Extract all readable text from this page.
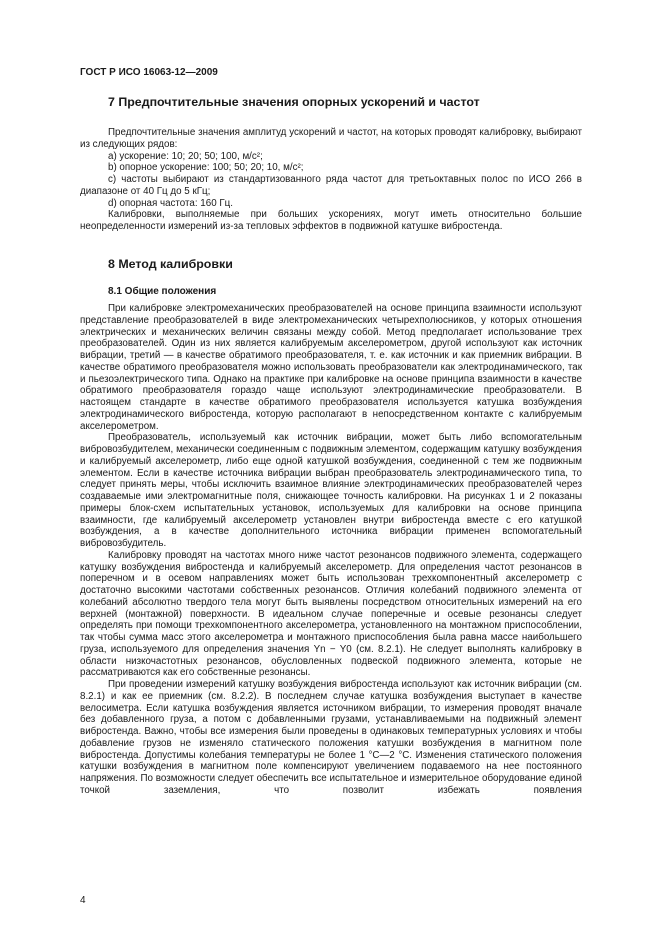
ГОСТ Р ИСО 16063-12—2009
7 Предпочтительные значения опорных ускорений и частот

Предпочтительные значения амплитуд ускорений и частот, на которых проводят калибровку, выбирают из следующих рядов:

a) ускорение: 10; 20; 50; 100, м/с²;

b) опорное ускорение: 100; 50; 20; 10, м/с²;

c) частоты выбирают из стандартизованного ряда частот для третьоктавных полос по ИСО 266 в диапазоне от 40 Гц до 5 кГц;

d) опорная частота: 160 Гц.

Калибровки, выполняемые при больших ускорениях, могут иметь относительно большие неопределенности измерений из-за тепловых эффектов в подвижной катушке вибростенда.

8 Метод калибровки
8.1 Общие положения

При калибровке электромеханических преобразователей на основе принципа взаимности используют представление преобразователей в виде электромеханических четырехполюсников, у которых отношения электрических и механических величин связаны между собой. Метод предполагает использование трех преобразователей. Один из них является калибруемым акселерометром, другой используют как источник вибрации, третий — в качестве обратимого преобразователя, т. е. как источник и как приемник вибрации. В качестве обратимого преобразователя можно использовать преобразователи как электродинамического, так и пьезоэлектрического типа. Однако на практике при калибровке на основе принципа взаимности в качестве обратимого преобразователя гораздо чаще используют электродинамические преобразователи. В настоящем стандарте в качестве обратимого преобразователя используется катушка возбуждения электродинамического вибростенда, которую располагают в непосредственном контакте с калибруемым акселерометром.

Преобразователь, используемый как источник вибрации, может быть либо вспомогательным вибровозбудителем, механически соединенным с подвижным элементом, содержащим катушку возбуждения и калибруемый акселерометр, либо еще одной катушкой возбуждения, соединенной с тем же подвижным элементом. Если в качестве источника вибрации выбран преобразователь электродинамического типа, то следует принять меры, чтобы исключить взаимное влияние электродинамических преобразователей через создаваемые ими электромагнитные поля, снижающее точность калибровки. На рисунках 1 и 2 показаны примеры блок-схем испытательных установок, используемых для калибровки на основе принципа взаимности, где калибруемый акселерометр установлен внутри вибростенда вместе с его катушкой возбуждения, а в качестве дополнительного источника вибрации применен вспомогательный вибровозбудитель.

Калибровку проводят на частотах много ниже частот резонансов подвижного элемента, содержащего катушку возбуждения вибростенда и калибруемый акселерометр. Для определения частот резонансов в поперечном и в осевом направлениях может быть использован трехкомпонентный акселерометр с достаточно высокими частотами собственных резонансов. Отличия колебаний подвижного элемента от колебаний абсолютно твердого тела могут быть выявлены посредством относительных измерений на его верхней (монтажной) поверхности. В идеальном случае поперечные и осевые резонансы следует определять при помощи трехкомпонентного акселерометра, установленного на монтажном приспособлении, так чтобы сумма масс этого акселерометра и монтажного приспособления была равна массе наибольшего груза, используемого для определения значения Yn − Y0 (см. 8.2.1). Не следует выполнять калибровку в области низкочастотных резонансов, обусловленных подвеской подвижного элемента, которые не рассматриваются как его собственные резонансы.

При проведении измерений катушку возбуждения вибростенда используют как источник вибрации (см. 8.2.1) и как ее приемник (см. 8.2.2). В последнем случае катушка возбуждения выступает в качестве велосиметра. Если катушка возбуждения является источником вибрации, то измерения проводят вначале без добавленного груза, а потом с добавленными грузами, устанавливаемыми на подвижный элемент вибростенда. Важно, чтобы все измерения были проведены в одинаковых температурных условиях и чтобы добавление грузов не изменяло статического положения катушки возбуждения в магнитном поле вибростенда. Допустимы колебания температуры не более 1 °C—2 °C. Изменения статического положения катушки возбуждения в магнитном поле компенсируют увеличением подаваемого на нее постоянного напряжения. По возможности следует обеспечить все испытательное и измерительное оборудование единой точкой заземления, что позволит избежать появления

4
